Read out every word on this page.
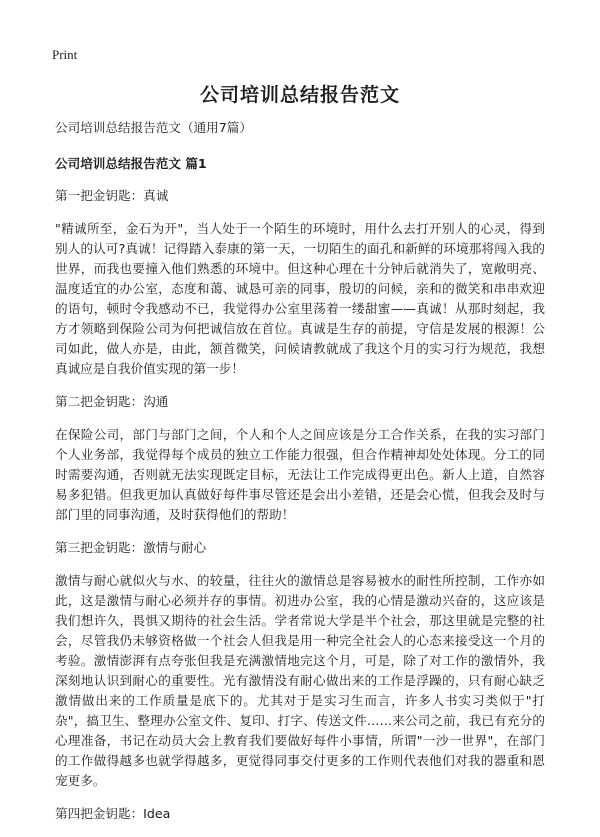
Print
公司培训总结报告范文

公司培训总结报告范文（通用7篇）

公司培训总结报告范文 篇1

第一把金钥匙：真诚

"精诚所至，金石为开"，当人处于一个陌生的环境时，用什么去打开别人的心灵，得到别人的认可?真诚！记得踏入泰康的第一天，一切陌生的面孔和新鲜的环境那将闯入我的世界，而我也要撞入他们熟悉的环境中。但这种心理在十分钟后就消失了，宽敞明亮、温度适宜的办公室，态度和蔼、诚恳可亲的同事，殷切的问候，亲和的微笑和串串欢迎的语句，顿时令我感动不已，我觉得办公室里荡着一缕甜蜜——真诚！从那时刻起，我方才领略到保险公司为何把诚信放在首位。真诚是生存的前提，守信是发展的根源！公司如此，做人亦是，由此，颔首微笑，问候请教就成了我这个月的实习行为规范，我想真诚应是自我价值实现的第一步！

第二把金钥匙：沟通

在保险公司，部门与部门之间，个人和个人之间应该是分工合作关系，在我的实习部门个人业务部，我觉得每个成员的独立工作能力很强，但合作精神却处处体现。分工的同时需要沟通，否则就无法实现既定目标，无法让工作完成得更出色。新人上道，自然容易多犯错。但我更加认真做好每件事尽管还是会出小差错，还是会心慌，但我会及时与部门里的同事沟通，及时获得他们的帮助！

第三把金钥匙：激情与耐心

激情与耐心就似火与水、的较量，往往火的激情总是容易被水的耐性所控制，工作亦如此，这是激情与耐心必须并存的事情。初进办公室，我的心情是激动兴奋的，这应该是我们想许久，畏惧又期待的社会生活。学者常说大学是半个社会，那这里就是完整的社会，尽管我仍未够资格做一个社会人但我是用一种完全社会人的心态来接受这一个月的考验。激情澎湃有点夸张但我是充满激情地完这个月，可是，除了对工作的激情外，我深刻地认识到耐心的重要性。光有激情没有耐心做出来的工作是浮躁的，只有耐心缺乏激情做出来的工作质量是底下的。尤其对于是实习生而言，许多人书实习类似于"打杂"，搞卫生、整理办公室文件、复印、打字、传送文件……来公司之前，我已有充分的心理准备，书记在动员大会上教育我们要做好每件小事情，所谓"一沙一世界"，在部门的工作做得越多也就学得越多，更觉得同事交付更多的工作则代表他们对我的器重和恩宠更多。

第四把金钥匙：Idea
